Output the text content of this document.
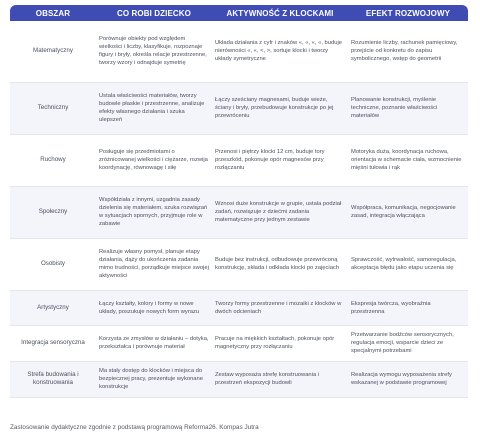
OBSZAR	CO ROBI DZIECKO	AKTYWNOŚĆ Z KLOCKAMI	EFEKT ROZWOJOWY
Matematyczny	Porównuje obiekty pod względem wielkości i liczby, klasyfikuje, rozpoznaje figury i bryły, określa relacje przestrzenne, tworzy wzory i odnajduje symetrię	Układa działania z cyfr i znaków «, «, «, «, buduje nierówności «, «, <, >, sortuje klocki i tworzy układy symetryczne	Rozumienie liczby, rachunek pamięciowy, przejście od konkretu do zapisu symbolicznego, wstęp do geometrii
Techniczny	Ustala właściwości materiałów, tworzy budowle płaskie i przestrzenne, analizuje efekty własnego działania i szuka ulepszeń	Łączy sześciany magnesami, buduje wieże, ściany i bryły, przebudowuje konstrukcje po jej przewróceniu	Planowanie konstrukcji, myślenie techniczne, poznanie właściwości materiałów
Ruchowy	Posługuje się przedmiotami o zróżnicowanej wielkości i ciężarze, rozwija koordynację, równowagę i siłę	Przenosi i piętrzy klocki 12 cm, buduje tory przeszkód, pokonuje opór magnesów przy rozłączaniu	Motoryka duża, koordynacja ruchowa, orientacja w schemacie ciała, wzmocnienie mięśni tułowia i rąk
Społeczny	Współdziała z innymi, uzgadnia zasady dzielenia się materiałem, szuka rozwiązań w sytuacjach spornych, przyjmuje role w zabawie	Wznosi duże konstrukcje w grupie, ustala podział zadań, rozwiązuje z dziećmi zadania matematyczne przy jednym zestawie	Współpraca, komunikacja, negocjowanie zasad, integracja włączająca
Osobisty	Realizuje własny pomysł, planuje etapy działania, dąży do ukończenia zadania mimo trudności, porządkuje miejsce swojej aktywności	Buduje bez instrukcji, odbudowuje przewróconą konstrukcję, składa i odkłada klocki po zajęciach	Sprawczość, wytrwałość, samoregulacja, akceptacja błędu jako etapu uczenia się
Artystyczny	Łączy kształty, kolory i formy w nowe układy, poszukuje nowych form wyrazu	Tworzy formy przestrzenne i mozaiki z klocków w dwóch odcieniach	Ekspresja twórcza, wyobraźnia przestrzenna
Integracja sensoryczna	Korzysta ze zmysłów w działaniu – dotyka, przekształca i porównuje materiał	Pracuje na miękkich kształtach, pokonuje opór magnetyczny przy rozłączaniu	Przetwarzanie bodźców sensorycznych, regulacja emocji, wsparcie dzieci ze specjalnymi potrzebami
Strefa budowania i konstruowania	Ma stały dostęp do klocków i miejsca do bezpiecznej pracy, prezentuje wykonane konstrukcje	Zestaw wyposaża strefę konstruowania i przestrzeń ekspozycji budowli	Realizacja wymogu wyposażenia strefy wskazanej w podstawie programowej
Zastosowanie dydaktyczne zgodnie z podstawą programową Reforma26. Kompas Jutra
